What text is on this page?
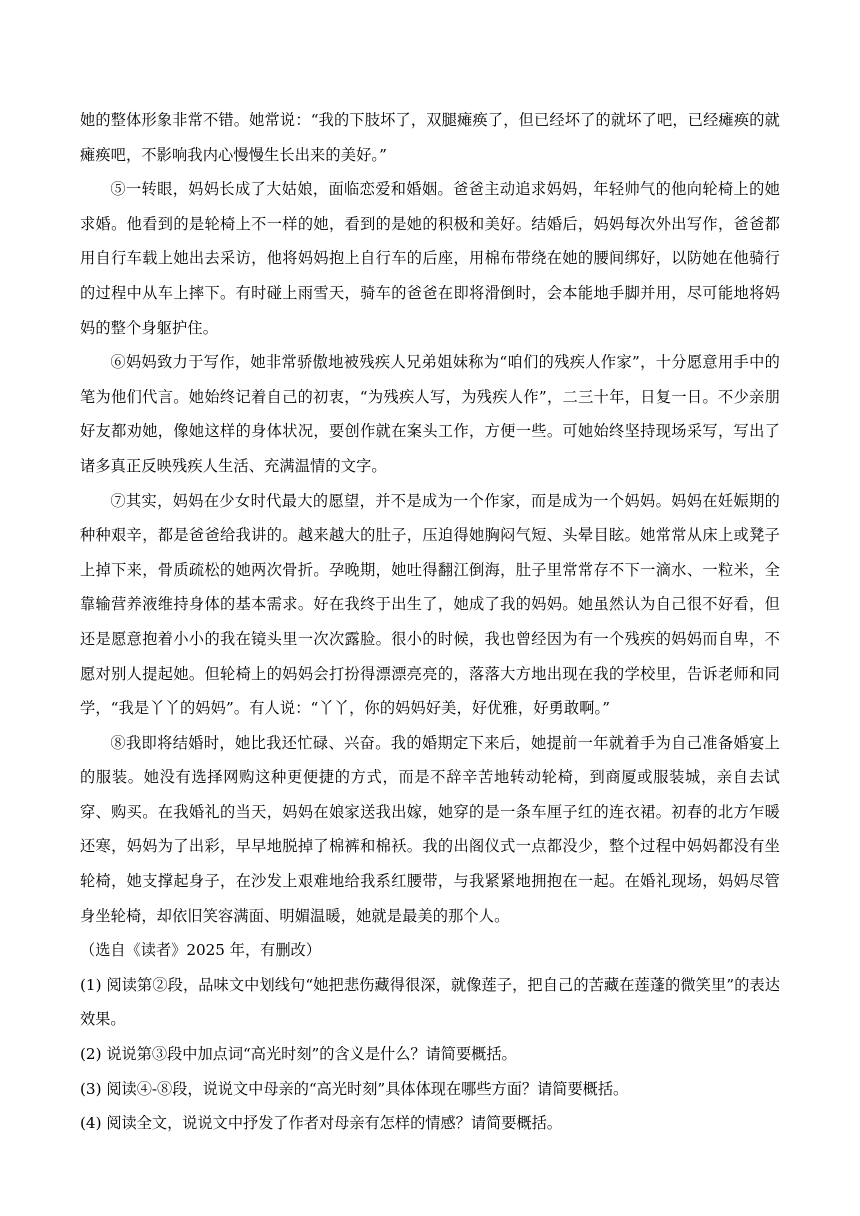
她的整体形象非常不错。她常说：“我的下肢坏了，双腿瘫痪了，但已经坏了的就坏了吧，已经瘫痪的就瘫痪吧，不影响我内心慢慢生长出来的美好。”

⑤一转眼，妈妈长成了大姑娘，面临恋爱和婚姻。爸爸主动追求妈妈，年轻帅气的他向轮椅上的她求婚。他看到的是轮椅上不一样的她，看到的是她的积极和美好。结婚后，妈妈每次外出写作，爸爸都用自行车载上她出去采访，他将妈妈抱上自行车的后座，用棉布带绕在她的腰间绑好，以防她在他骑行的过程中从车上摔下。有时碰上雨雪天，骑车的爸爸在即将滑倒时，会本能地手脚并用，尽可能地将妈妈的整个身躯护住。

⑥妈妈致力于写作，她非常骄傲地被残疾人兄弟姐妹称为“咱们的残疾人作家”，十分愿意用手中的笔为他们代言。她始终记着自己的初衷，“为残疾人写，为残疾人作”，二三十年，日复一日。不少亲朋好友都劝她，像她这样的身体状况，要创作就在案头工作，方便一些。可她始终坚持现场采写，写出了诸多真正反映残疾人生活、充满温情的文字。

⑦其实，妈妈在少女时代最大的愿望，并不是成为一个作家，而是成为一个妈妈。妈妈在妊娠期的种种艰辛，都是爸爸给我讲的。越来越大的肚子，压迫得她胸闷气短、头晕目眩。她常常从床上或凳子上掉下来，骨质疏松的她两次骨折。孕晚期，她吐得翻江倒海，肚子里常常存不下一滴水、一粒米，全靠输营养液维持身体的基本需求。好在我终于出生了，她成了我的妈妈。她虽然认为自己很不好看，但还是愿意抱着小小的我在镜头里一次次露脸。很小的时候，我也曾经因为有一个残疾的妈妈而自卑，不愿对别人提起她。但轮椅上的妈妈会打扮得漂漂亮亮的，落落大方地出现在我的学校里，告诉老师和同学，“我是丫丫的妈妈”。有人说：“丫丫，你的妈妈好美，好优雅，好勇敢啊。”

⑧我即将结婚时，她比我还忙碌、兴奋。我的婚期定下来后，她提前一年就着手为自己准备婚宴上的服装。她没有选择网购这种更便捷的方式，而是不辞辛苦地转动轮椅，到商厦或服装城，亲自去试穿、购买。在我婚礼的当天，妈妈在娘家送我出嫁，她穿的是一条车厘子红的连衣裙。初春的北方乍暖还寒，妈妈为了出彩，早早地脱掉了棉裤和棉袄。我的出阁仪式一点都没少，整个过程中妈妈都没有坐轮椅，她支撑起身子，在沙发上艰难地给我系红腰带，与我紧紧地拥抱在一起。在婚礼现场，妈妈尽管身坐轮椅，却依旧笑容满面、明媚温暖，她就是最美的那个人。

（选自《读者》2025 年，有删改）

(1) 阅读第②段，品味文中划线句“她把悲伤藏得很深，就像莲子，把自己的苦藏在莲蓬的微笑里”的表达效果。

(2) 说说第③段中加点词“高光时刻”的含义是什么？请简要概括。

(3) 阅读④-⑧段，说说文中母亲的“高光时刻”具体体现在哪些方面？请简要概括。

(4) 阅读全文，说说文中抒发了作者对母亲有怎样的情感？请简要概括。
